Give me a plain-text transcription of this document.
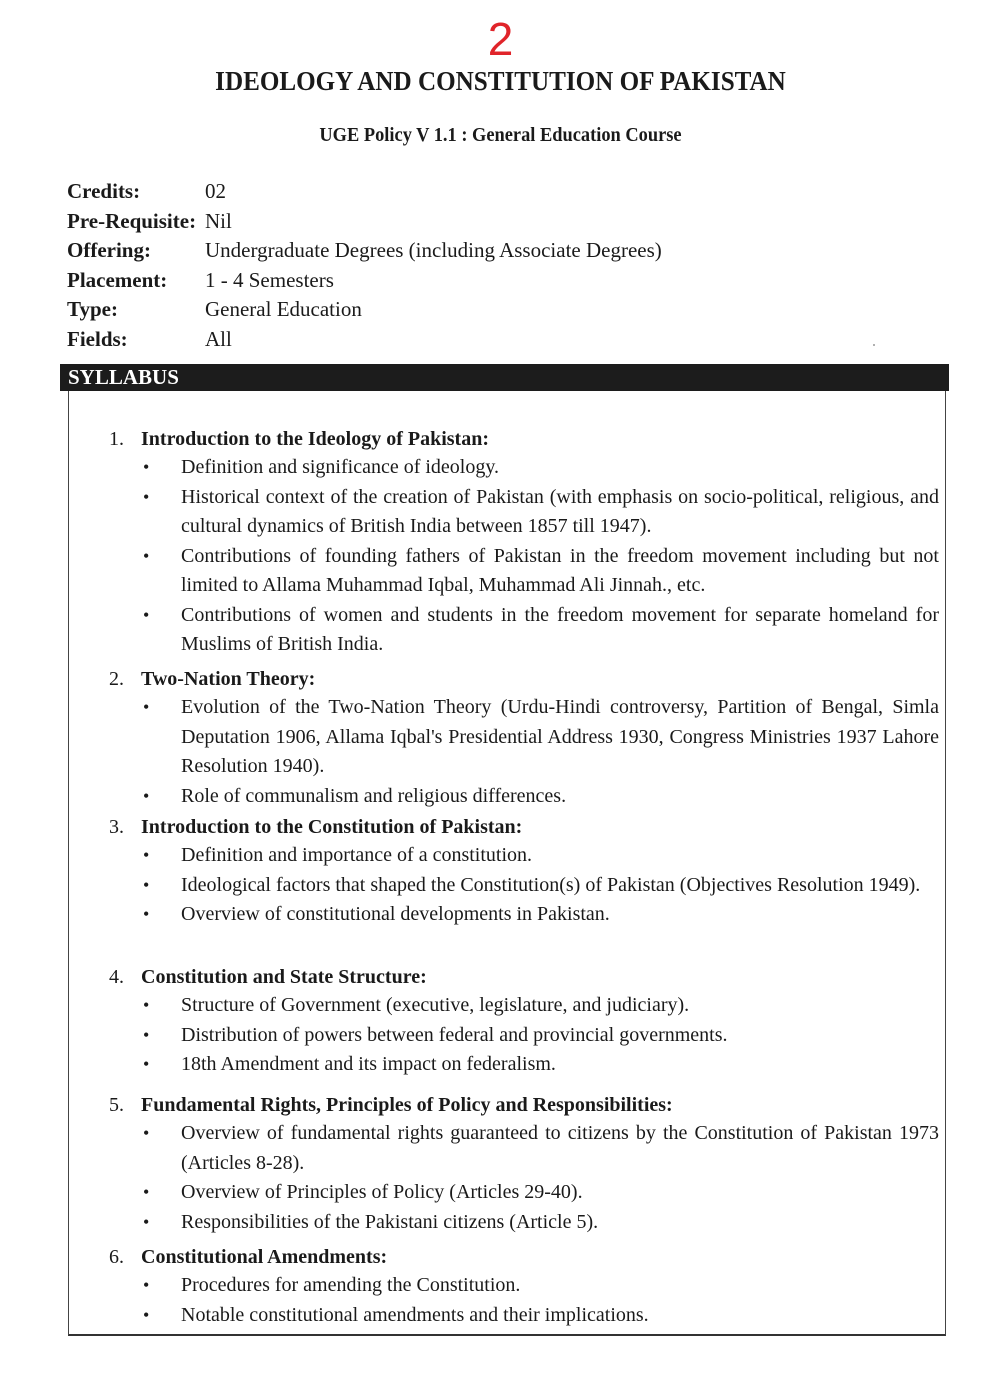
2
IDEOLOGY AND CONSTITUTION OF PAKISTAN
UGE Policy V 1.1 : General Education Course
Credits:	02
Pre-Requisite: Nil
Offering:	Undergraduate Degrees (including Associate Degrees)
Placement:	1 - 4 Semesters
Type:	General Education
Fields:	All
SYLLABUS
1. Introduction to the Ideology of Pakistan:
• Definition and significance of ideology.
• Historical context of the creation of Pakistan (with emphasis on socio-political, religious, and cultural dynamics of British India between 1857 till 1947).
• Contributions of founding fathers of Pakistan in the freedom movement including but not limited to Allama Muhammad Iqbal, Muhammad Ali Jinnah., etc.
• Contributions of women and students in the freedom movement for separate homeland for Muslims of British India.
2. Two-Nation Theory:
• Evolution of the Two-Nation Theory (Urdu-Hindi controversy, Partition of Bengal, Simla Deputation 1906, Allama Iqbal's Presidential Address 1930, Congress Ministries 1937 Lahore Resolution 1940).
• Role of communalism and religious differences.
3. Introduction to the Constitution of Pakistan:
• Definition and importance of a constitution.
• Ideological factors that shaped the Constitution(s) of Pakistan (Objectives Resolution 1949).
• Overview of constitutional developments in Pakistan.
4. Constitution and State Structure:
• Structure of Government (executive, legislature, and judiciary).
• Distribution of powers between federal and provincial governments.
• 18th Amendment and its impact on federalism.
5. Fundamental Rights, Principles of Policy and Responsibilities:
• Overview of fundamental rights guaranteed to citizens by the Constitution of Pakistan 1973 (Articles 8-28).
• Overview of Principles of Policy (Articles 29-40).
• Responsibilities of the Pakistani citizens (Article 5).
6. Constitutional Amendments:
• Procedures for amending the Constitution.
• Notable constitutional amendments and their implications.
